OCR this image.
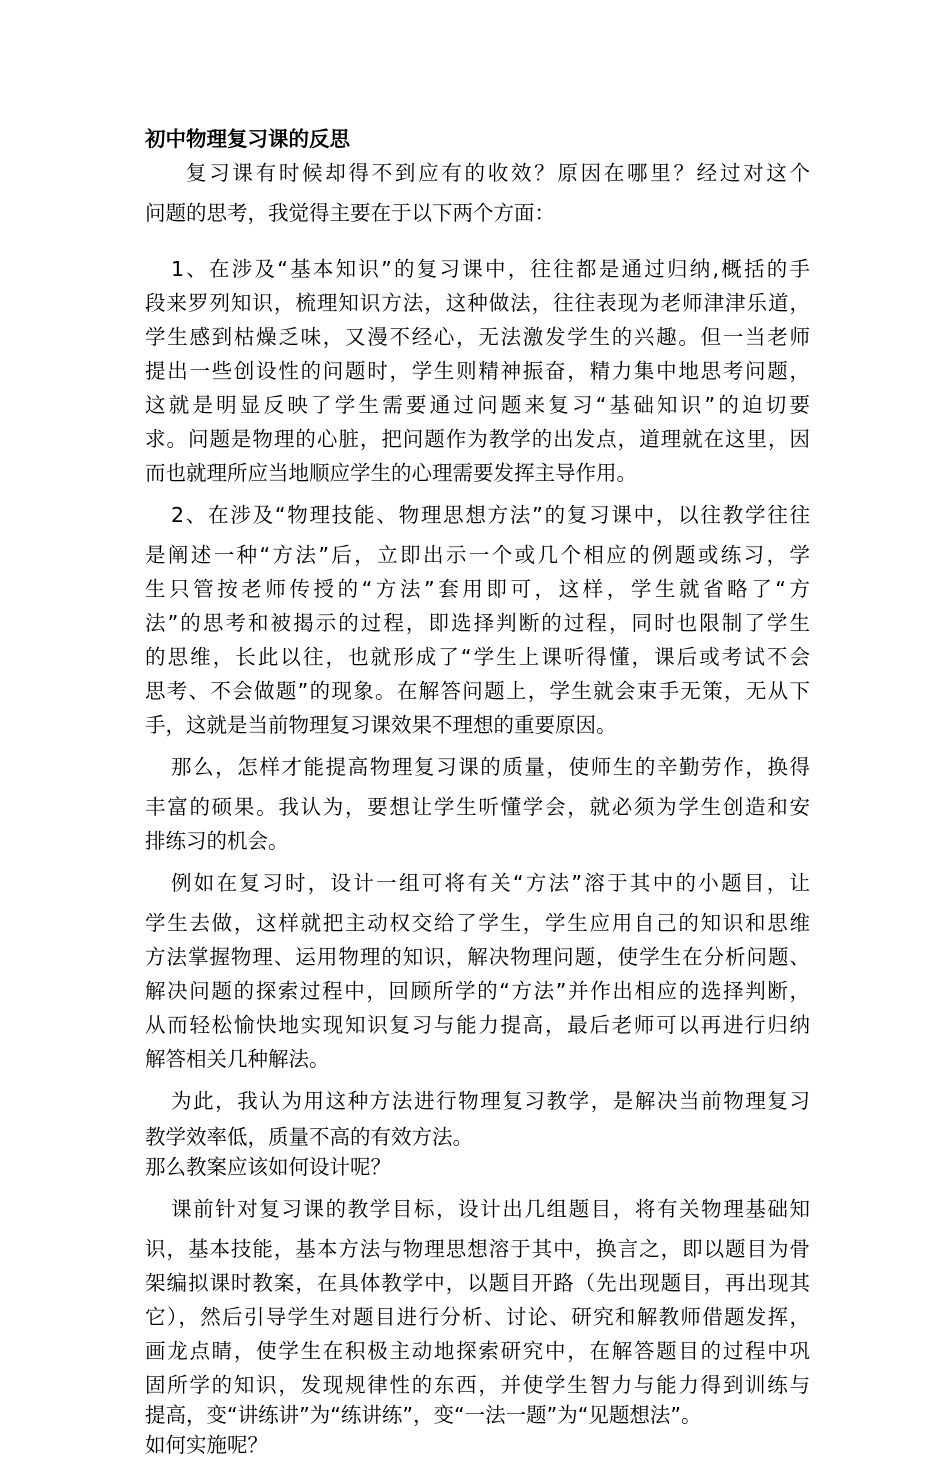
初中物理复习课的反思
复习课有时候却得不到应有的收效？原因在哪里？经过对这个
问题的思考，我觉得主要在于以下两个方面：
1、在涉及“基本知识”的复习课中，往往都是通过归纳,概括的手
段来罗列知识，梳理知识方法，这种做法，往往表现为老师津津乐道，
学生感到枯燥乏味，又漫不经心，无法激发学生的兴趣。但一当老师
提出一些创设性的问题时，学生则精神振奋，精力集中地思考问题，
这就是明显反映了学生需要通过问题来复习“基础知识”的迫切要
求。问题是物理的心脏，把问题作为教学的出发点，道理就在这里，因
而也就理所应当地顺应学生的心理需要发挥主导作用。
2、在涉及“物理技能、物理思想方法”的复习课中，以往教学往往
是阐述一种“方法”后，立即出示一个或几个相应的例题或练习，学
生只管按老师传授的“方法”套用即可，这样，学生就省略了“方
法”的思考和被揭示的过程，即选择判断的过程，同时也限制了学生
的思维，长此以往，也就形成了“学生上课听得懂，课后或考试不会
思考、不会做题”的现象。在解答问题上，学生就会束手无策，无从下
手，这就是当前物理复习课效果不理想的重要原因。
那么，怎样才能提高物理复习课的质量，使师生的辛勤劳作，换得
丰富的硕果。我认为，要想让学生听懂学会，就必须为学生创造和安
排练习的机会。
例如在复习时，设计一组可将有关“方法”溶于其中的小题目，让
学生去做，这样就把主动权交给了学生，学生应用自己的知识和思维
方法掌握物理、运用物理的知识，解决物理问题，使学生在分析问题、
解决问题的探索过程中，回顾所学的“方法”并作出相应的选择判断，
从而轻松愉快地实现知识复习与能力提高，最后老师可以再进行归纳
解答相关几种解法。
为此，我认为用这种方法进行物理复习教学，是解决当前物理复习
教学效率低，质量不高的有效方法。
那么教案应该如何设计呢？
课前针对复习课的教学目标，设计出几组题目，将有关物理基础知
识，基本技能，基本方法与物理思想溶于其中，换言之，即以题目为骨
架编拟课时教案，在具体教学中，以题目开路（先出现题目，再出现其
它），然后引导学生对题目进行分析、讨论、研究和解教师借题发挥，
画龙点睛，使学生在积极主动地探索研究中，在解答题目的过程中巩
固所学的知识，发现规律性的东西，并使学生智力与能力得到训练与
提高，变“讲练讲”为“练讲练”，变“一法一题”为“见题想法”。
如何实施呢？
